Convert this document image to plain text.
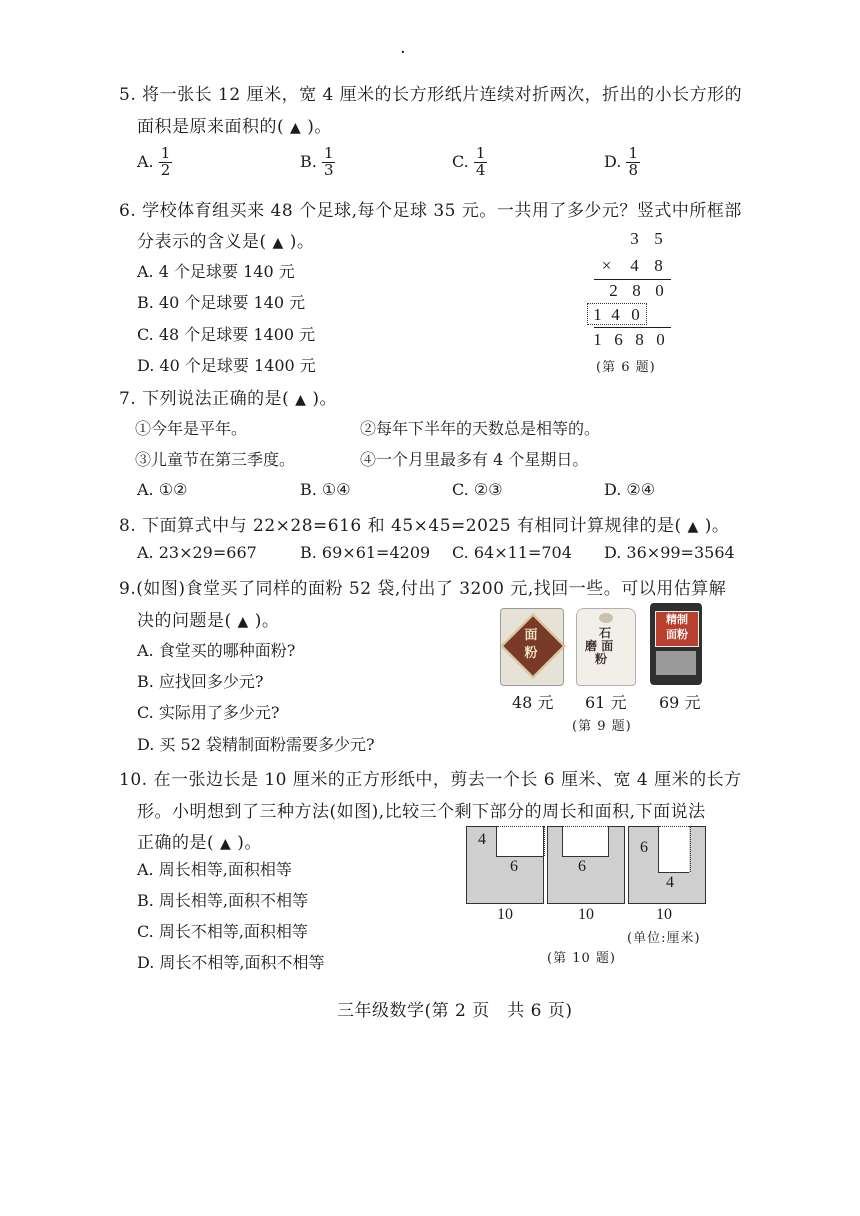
·
5. 将一张长 12 厘米，宽 4 厘米的长方形纸片连续对折两次，折出的小长方形的
面积是原来面积的( ▲ )。
A. $\frac{1}{2}$	B. $\frac{1}{3}$	C. $\frac{1}{4}$	D. $\frac{1}{8}$
6. 学校体育组买来 48 个足球,每个足球 35 元。一共用了多少元？竖式中所框部
分表示的含义是( ▲ )。
A. 4 个足球要 140 元
B. 40 个足球要 140 元
C. 48 个足球要 1400 元
D. 40 个足球要 1400 元
3 5
× 4 8
2 8 0
1 4 0
1 6 8 0
(第 6 题)
7. 下列说法正确的是( ▲ )。
①今年是平年。	②每年下半年的天数总是相等的。
③儿童节在第三季度。	④一个月里最多有 4 个星期日。
A. ①②	B. ①④	C. ②③	D. ②④
8. 下面算式中与 22×28=616 和 45×45=2025 有相同计算规律的是( ▲ )。
A. 23×29=667	B. 69×61=4209 C. 64×11=704 D. 36×99=3564
9.(如图)食堂买了同样的面粉 52 袋,付出了 3200 元,找回一些。可以用估算解
决的问题是( ▲ )。
A. 食堂买的哪种面粉?
B. 应找回多少元?
C. 实际用了多少元?
D. 买 52 袋精制面粉需要多少元?
面
粉
石
磨 面
粉
精制
面粉
48 元 61 元 69 元
(第 9 题)
10. 在一张边长是 10 厘米的正方形纸中，剪去一个长 6 厘米、宽 4 厘米的长方
形。小明想到了三种方法(如图),比较三个剩下部分的周长和面积,下面说法
正确的是( ▲ )。
A. 周长相等,面积相等
B. 周长相等,面积不相等
C. 周长不相等,面积相等
D. 周长不相等,面积不相等
4
6
10
6
10
6
4
10
(单位:厘米)
(第 10 题)
三年级数学(第 2 页　共 6 页)
